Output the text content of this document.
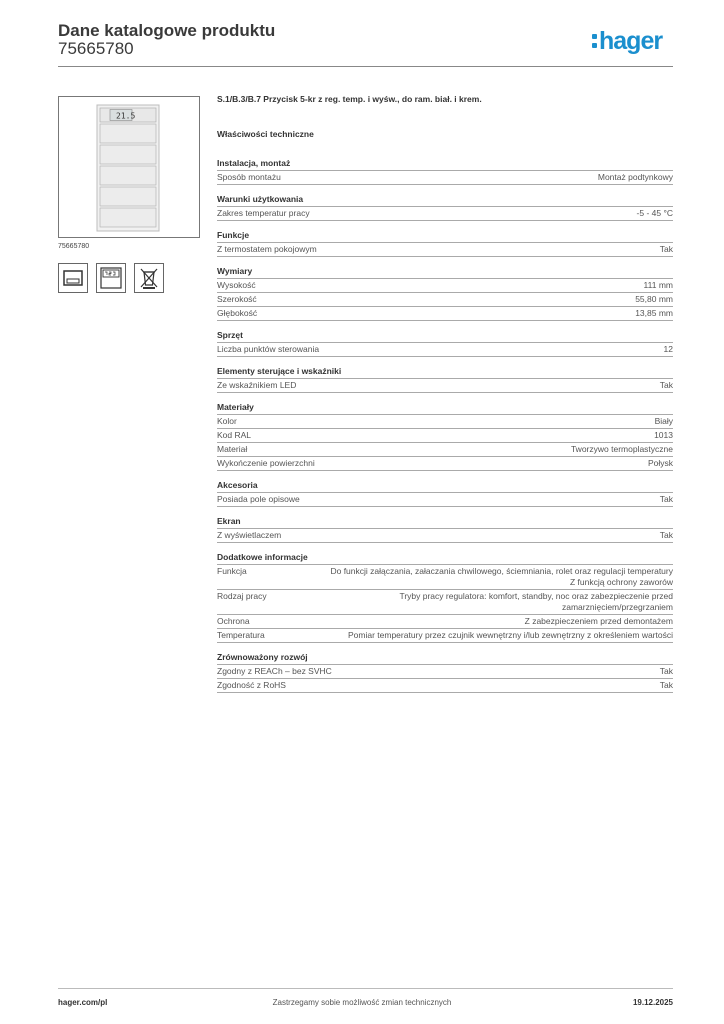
Dane katalogowe produktu
75665780	hager
21.5
75665780
S.1/B.3/B.7 Przycisk 5-kr z reg. temp. i wyśw., do ram. biał. i krem.
Właściwości techniczne
Instalacja, montaż
Sposób montażu	Montaż podtynkowy
Warunki użytkowania
Zakres temperatur pracy	-5 - 45 °C
Funkcje
Z termostatem pokojowym	Tak
Wymiary
Wysokość	111 mm
Szerokość	55,80 mm
Głębokość	13,85 mm
Sprzęt
Liczba punktów sterowania	12
Elementy sterujące i wskaźniki
Ze wskaźnikiem LED	Tak
Materiały
Kolor	Biały
Kod RAL	1013
Materiał	Tworzywo termoplastyczne
Wykończenie powierzchni	Połysk
Akcesoria
Posiada pole opisowe	Tak
Ekran
Z wyświetlaczem	Tak
Dodatkowe informacje
Funkcja	Do funkcji załączania, załaczania chwilowego, ściemniania, rolet oraz regulacji temperatury
Z funkcją ochrony zaworów
Rodzaj pracy	Tryby pracy regulatora: komfort, standby, noc oraz zabezpieczenie przed zamarznięciem/przegrzaniem
Ochrona	Z zabezpieczeniem przed demontażem
Temperatura	Pomiar temperatury przez czujnik wewnętrzny i/lub zewnętrzny z określeniem wartości
Zrównoważony rozwój
Zgodny z REACh – bez SVHC	Tak
Zgodność z RoHS	Tak
Zastrzegamy sobie możliwość zmian technicznych
hager.com/pl	19.12.2025
